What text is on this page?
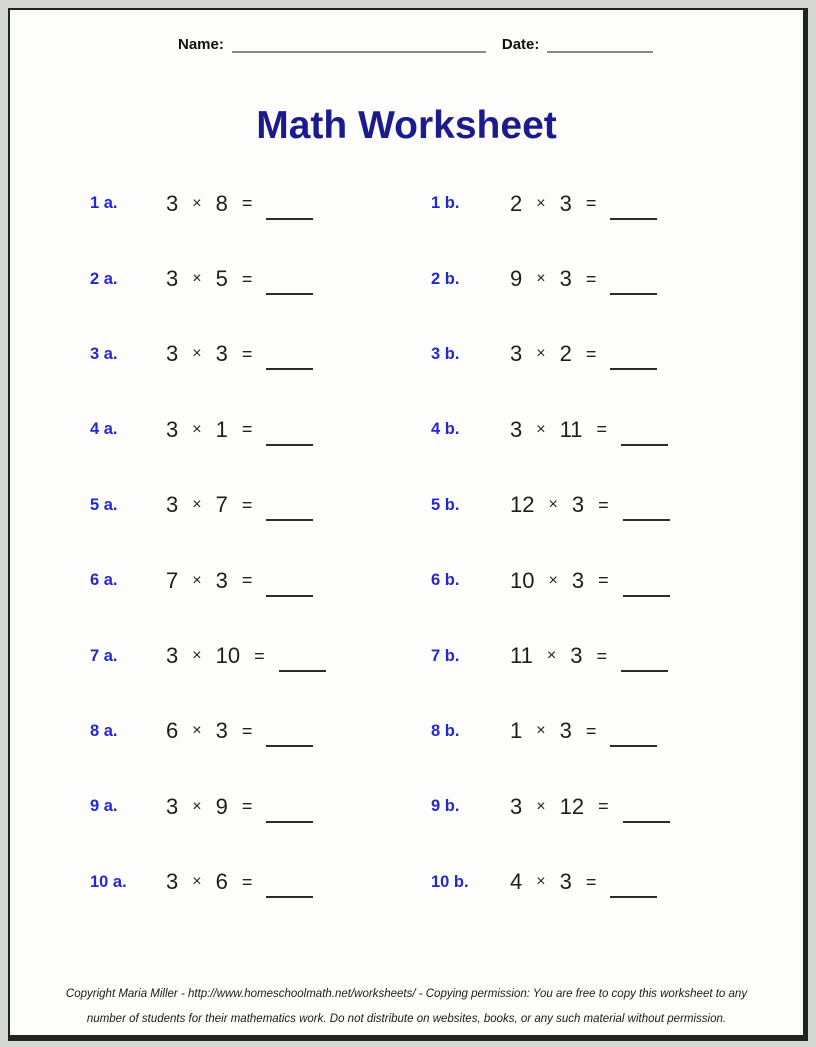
Name:	Date:
Math Worksheet
1 a.	3 × 8 =	1 b.	2 × 3 =
2 a.	3 × 5 =	2 b.	9 × 3 =
3 a.	3 × 3 =	3 b.	3 × 2 =
4 a.	3 × 1 =	4 b.	3 × 11 =
5 a.	3 × 7 =	5 b.	12 × 3 =
6 a.	7 × 3 =	6 b.	10 × 3 =
7 a.	3 × 10 =	7 b.	11 × 3 =
8 a.	6 × 3 =	8 b.	1 × 3 =
9 a.	3 × 9 =	9 b.	3 × 12 =
10 a.	3 × 6 =	10 b.	4 × 3 =
Copyright Maria Miller - http://www.homeschoolmath.net/worksheets/ - Copying permission: You are free to copy this worksheet to any
number of students for their mathematics work. Do not distribute on websites, books, or any such material without permission.
